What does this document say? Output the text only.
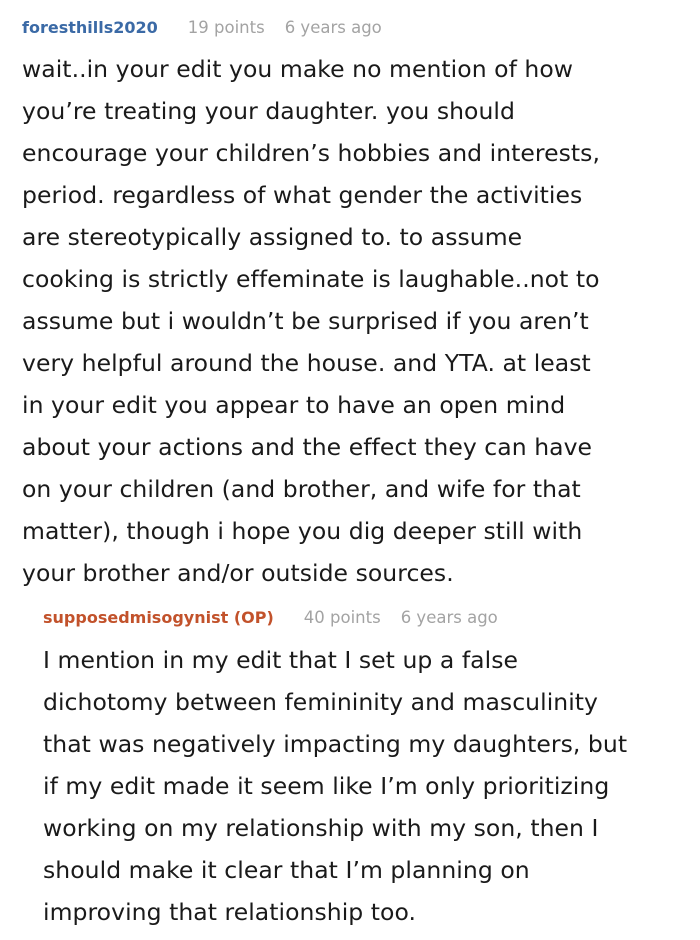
foresthills2020 19 points 6 years ago
wait..in your edit you make no mention of how
you’re treating your daughter. you should
encourage your children’s hobbies and interests,
period. regardless of what gender the activities
are stereotypically assigned to. to assume
cooking is strictly effeminate is laughable..not to
assume but i wouldn’t be surprised if you aren’t
very helpful around the house. and YTA. at least
in your edit you appear to have an open mind
about your actions and the effect they can have
on your children (and brother, and wife for that
matter), though i hope you dig deeper still with
your brother and/or outside sources.
supposedmisogynist (OP) 40 points 6 years ago
I mention in my edit that I set up a false
dichotomy between femininity and masculinity
that was negatively impacting my daughters, but
if my edit made it seem like I’m only prioritizing
working on my relationship with my son, then I
should make it clear that I’m planning on
improving that relationship too.
